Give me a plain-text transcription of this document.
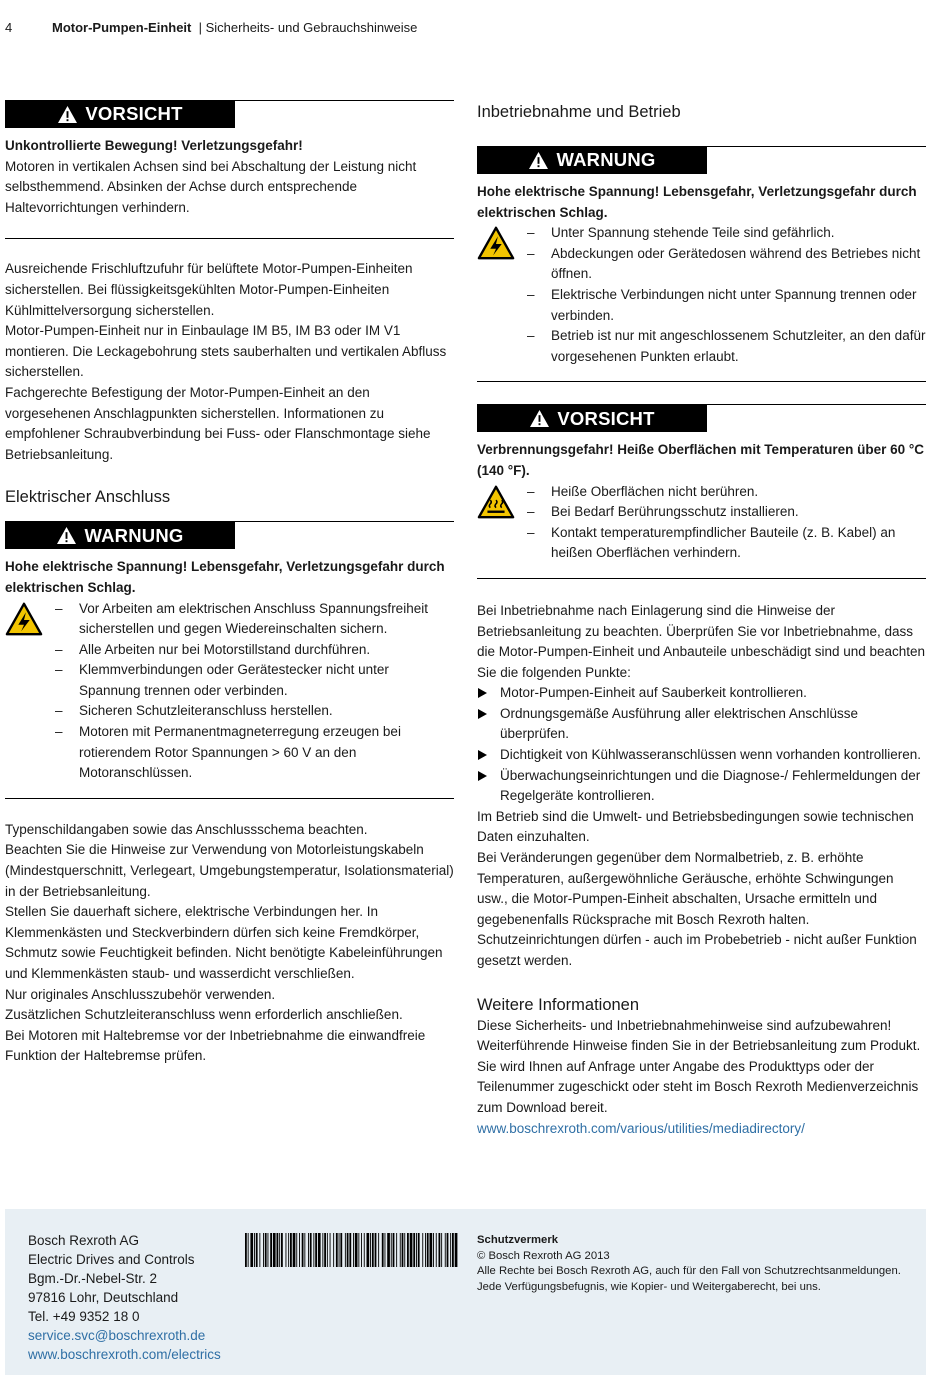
4	Motor-Pumpen-Einheit | Sicherheits- und Gebrauchshinweise
VORSICHT

Unkontrollierte Bewegung! Verletzungsgefahr!

Motoren in vertikalen Achsen sind bei Abschaltung der Leistung nicht selbsthemmend. Absinken der Achse durch entsprechende Haltevorrichtungen verhindern.

Ausreichende Frischluftzufuhr für belüftete Motor-Pumpen-Einheiten sicherstellen. Bei flüssigkeitsgekühlten Motor-Pumpen-Einheiten Kühlmittelversorgung sicherstellen.

Motor-Pumpen-Einheit nur in Einbaulage IM B5, IM B3 oder IM V1 montieren. Die Leckagebohrung stets sauberhalten und vertikalen Abfluss sicherstellen.

Fachgerechte Befestigung der Motor-Pumpen-Einheit an den vorgesehenen Anschlagpunkten sicherstellen. Informationen zu empfohlener Schraubverbindung bei Fuss- oder Flanschmontage siehe Betriebsanleitung.

Elektrischer Anschluss
WARNUNG

Hohe elektrische Spannung! Lebensgefahr, Verletzungsgefahr durch elektrischen Schlag.

– Vor Arbeiten am elektrischen Anschluss Spannungsfreiheit sicherstellen und gegen Wiedereinschalten sichern.
– Alle Arbeiten nur bei Motorstillstand durchführen.
– Klemmverbindungen oder Gerätestecker nicht unter Spannung trennen oder verbinden.
– Sicheren Schutzleiteranschluss herstellen.
– Motoren mit Permanentmagneterregung erzeugen bei rotierendem Rotor Spannungen > 60 V an den Motoranschlüssen.

Typenschildangaben sowie das Anschlussschema beachten.

Beachten Sie die Hinweise zur Verwendung von Motorleistungskabeln (Mindestquerschnitt, Verlegeart, Umgebungstemperatur, Isolationsmaterial) in der Betriebsanleitung.

Stellen Sie dauerhaft sichere, elektrische Verbindungen her. In Klemmenkästen und Steckverbindern dürfen sich keine Fremdkörper, Schmutz sowie Feuchtigkeit befinden. Nicht benötigte Kabeleinführungen und Klemmenkästen staub- und wasserdicht verschließen.

Nur originales Anschlusszubehör verwenden.

Zusätzlichen Schutzleiteranschluss wenn erforderlich anschließen.

Bei Motoren mit Haltebremse vor der Inbetriebnahme die einwandfreie Funktion der Haltebremse prüfen.

Inbetriebnahme und Betrieb
WARNUNG

Hohe elektrische Spannung! Lebensgefahr, Verletzungsgefahr durch elektrischen Schlag.

– Unter Spannung stehende Teile sind gefährlich.
– Abdeckungen oder Gerätedosen während des Betriebes nicht öffnen.
– Elektrische Verbindungen nicht unter Spannung trennen oder verbinden.
– Betrieb ist nur mit angeschlossenem Schutzleiter, an den dafür vorgesehenen Punkten erlaubt.
VORSICHT

Verbrennungsgefahr! Heiße Oberflächen mit Temperaturen über 60 °C (140 °F).

– Heiße Oberflächen nicht berühren.
– Bei Bedarf Berührungsschutz installieren.
– Kontakt temperaturempfindlicher Bauteile (z. B. Kabel) an heißen Oberflächen verhindern.

Bei Inbetriebnahme nach Einlagerung sind die Hinweise der Betriebsanleitung zu beachten. Überprüfen Sie vor Inbetriebnahme, dass die Motor-Pumpen-Einheit und Anbauteile unbeschädigt sind und beachten Sie die folgenden Punkte:

Motor-Pumpen-Einheit auf Sauberkeit kontrollieren.
Ordnungsgemäße Ausführung aller elektrischen Anschlüsse überprüfen.
Dichtigkeit von Kühlwasseranschlüssen wenn vorhanden kontrollieren.
Überwachungseinrichtungen und die Diagnose-/ Fehlermeldungen der Regelgeräte kontrollieren.

Im Betrieb sind die Umwelt- und Betriebsbedingungen sowie technischen Daten einzuhalten.

Bei Veränderungen gegenüber dem Normalbetrieb, z. B. erhöhte Temperaturen, außergewöhnliche Geräusche, erhöhte Schwingungen usw., die Motor-Pumpen-Einheit abschalten, Ursache ermitteln und gegebenenfalls Rücksprache mit Bosch Rexroth halten.

Schutzeinrichtungen dürfen - auch im Probebetrieb - nicht außer Funktion gesetzt werden.

Weitere Informationen

Diese Sicherheits- und Inbetriebnahmehinweise sind aufzubewahren! Weiterführende Hinweise finden Sie in der Betriebsanleitung zum Produkt. Sie wird Ihnen auf Anfrage unter Angabe des Produkttyps oder der Teilenummer zugeschickt oder steht im Bosch Rexroth Medienverzeichnis zum Download bereit.

www.boschrexroth.com/various/utilities/mediadirectory/
Bosch Rexroth AG
Electric Drives and Controls
Bgm.-Dr.-Nebel-Str. 2
97816 Lohr, Deutschland
Tel. +49 9352 18 0
service.svc@boschrexroth.de
www.boschrexroth.com/electrics
Schutzvermerk
© Bosch Rexroth AG 2013
Alle Rechte bei Bosch Rexroth AG, auch für den Fall von Schutzrechtsanmeldungen. Jede Verfügungsbefugnis, wie Kopier- und Weitergaberecht, bei uns.
